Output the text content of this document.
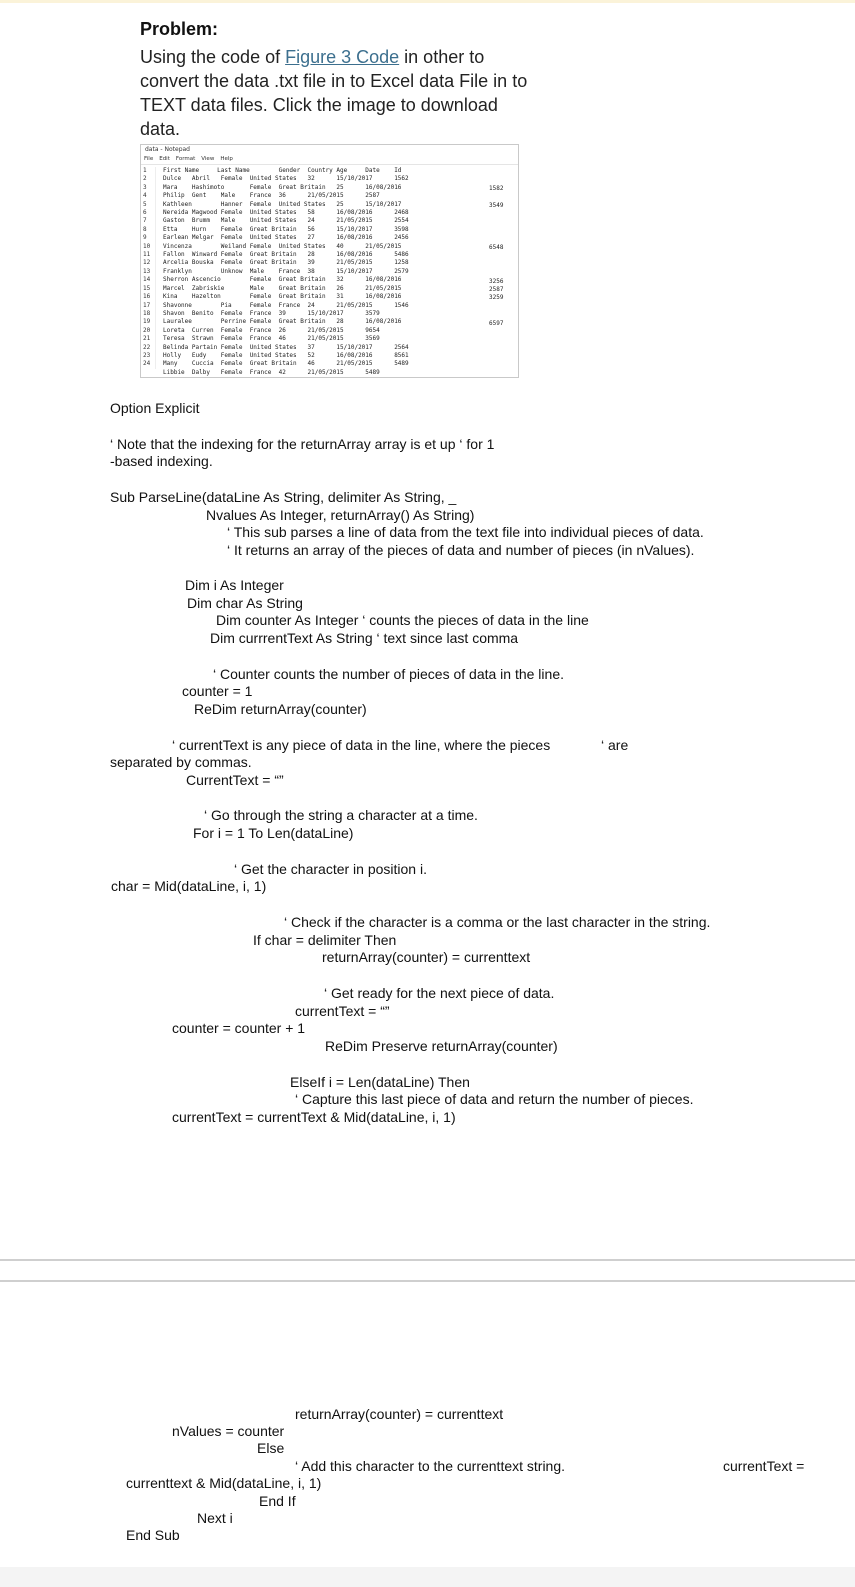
Problem:
Using the code of Figure 3 Code in other to convert the data .txt file in to Excel data File in to TEXT data files. Click the image to download data.
data - Notepad
File Edit Format View Help
1
2
3
4
5
6
7
8
9
10
11
12
13
14
15
16
17
18
19
20
21
22
23
24
First Name     Last Name        Gender  Country Age     Date    Id
Dulce   Abril   Female  United States   32      15/10/2017      1562
Mara    Hashimoto       Female  Great Britain   25      16/08/2016
Philip  Gent    Male    France  36      21/05/2015      2587
Kathleen        Hanner  Female  United States   25      15/10/2017
Nereida Magwood Female  United States   58      16/08/2016      2468
Gaston  Brumm   Male    United States   24      21/05/2015      2554
Etta    Hurn    Female  Great Britain   56      15/10/2017      3598
Earlean Melgar  Female  United States   27      16/08/2016      2456
Vincenza        Weiland Female  United States   40      21/05/2015
Fallon  Winward Female  Great Britain   28      16/08/2016      5486
Arcelia Bouska  Female  Great Britain   39      21/05/2015      1258
Franklyn        Unknow  Male    France  38      15/10/2017      2579
Sherron Ascencio        Female  Great Britain   32      16/08/2016
Marcel  Zabriskie       Male    Great Britain   26      21/05/2015
Kina    Hazelton        Female  Great Britain   31      16/08/2016
Shavonne        Pia     Female  France  24      21/05/2015      1546
Shavon  Benito  Female  France  39      15/10/2017      3579
Lauralee        Perrine Female  Great Britain   28      16/08/2016
Loreta  Curren  Female  France  26      21/05/2015      9654
Teresa  Strawn  Female  France  46      21/05/2015      3569
Belinda Partain Female  United States   37      15/10/2017      2564
Holly   Eudy    Female  United States   52      16/08/2016      8561
Many    Cuccia  Female  Great Britain   46      21/05/2015      5489
Libbie  Dalby   Female  France  42      21/05/2015      5489
1582
3549
6548
3256
2587
3259
6597
Option Explicit
‘ Note that the indexing for the returnArray array is et up ‘ for 1
-based indexing.
Sub ParseLine(dataLine As String, delimiter As String, _
Nvalues As Integer, returnArray() As String)
‘ This sub parses a line of data from the text file into individual pieces of data.
‘ It returns an array of the pieces of data and number of pieces (in nValues).
Dim i As Integer
Dim char As String
Dim counter As Integer ‘ counts the pieces of data in the line
Dim currrentText As String ‘ text since last comma
‘ Counter counts the number of pieces of data in the line.
counter = 1
ReDim returnArray(counter)
‘ currentText is any piece of data in the line, where the pieces	‘ are
separated by commas.
CurrentText = “”
‘ Go through the string a character at a time.
For i = 1 To Len(dataLine)
‘ Get the character in position i.
char = Mid(dataLine, i, 1)
‘ Check if the character is a comma or the last character in the string.
If char = delimiter Then
returnArray(counter) = currenttext
‘ Get ready for the next piece of data.
currentText = “”
counter = counter + 1
ReDim Preserve returnArray(counter)
ElseIf i = Len(dataLine) Then
‘ Capture this last piece of data and return the number of pieces.
currentText = currentText & Mid(dataLine, i, 1)
returnArray(counter) = currenttext
nValues = counter
Else
‘ Add this character to the currenttext string.	currentText =
currenttext & Mid(dataLine, i, 1)
End If
Next i
End Sub
